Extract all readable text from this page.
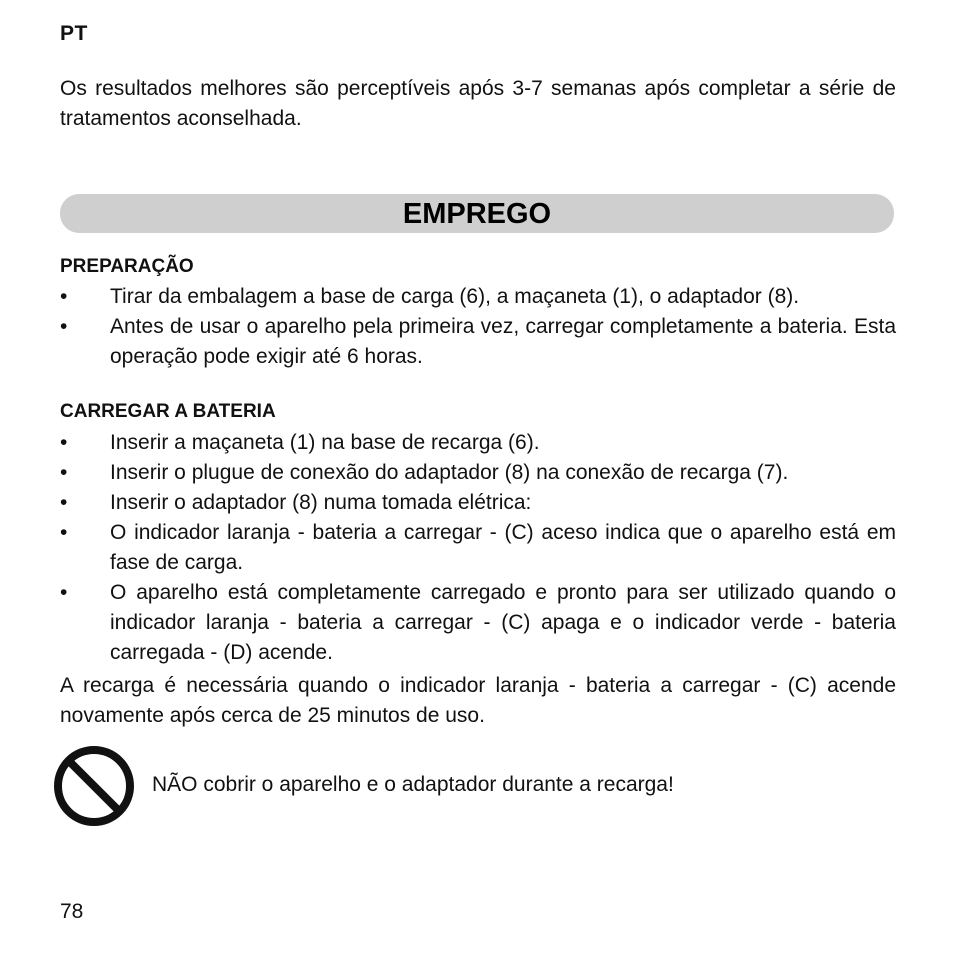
PT
Os resultados melhores são perceptíveis após 3-7 semanas após completar a série de tratamentos aconselhada.
EMPREGO
PREPARAÇÃO
•	Tirar da embalagem a base de carga (6), a maçaneta (1), o adaptador (8).
•	Antes de usar o aparelho pela primeira vez, carregar completamente a bateria. Esta operação pode exigir até 6 horas.
CARREGAR A BATERIA
•	Inserir a maçaneta (1) na base de recarga (6).
•	Inserir o plugue de conexão do adaptador (8) na conexão de recarga (7).
•	Inserir o adaptador (8) numa tomada elétrica:
•	O indicador laranja - bateria a carregar - (C) aceso indica que o aparelho está em fase de carga.
•	O aparelho está completamente carregado e pronto para ser utilizado quando o indicador laranja - bateria a carregar - (C) apaga e o indicador verde - bateria carregada - (D) acende.
A recarga é necessária quando o indicador laranja - bateria a carregar - (C) acende novamente após cerca de 25 minutos de uso.
NÃO cobrir o aparelho e o adaptador durante a recarga!
78
